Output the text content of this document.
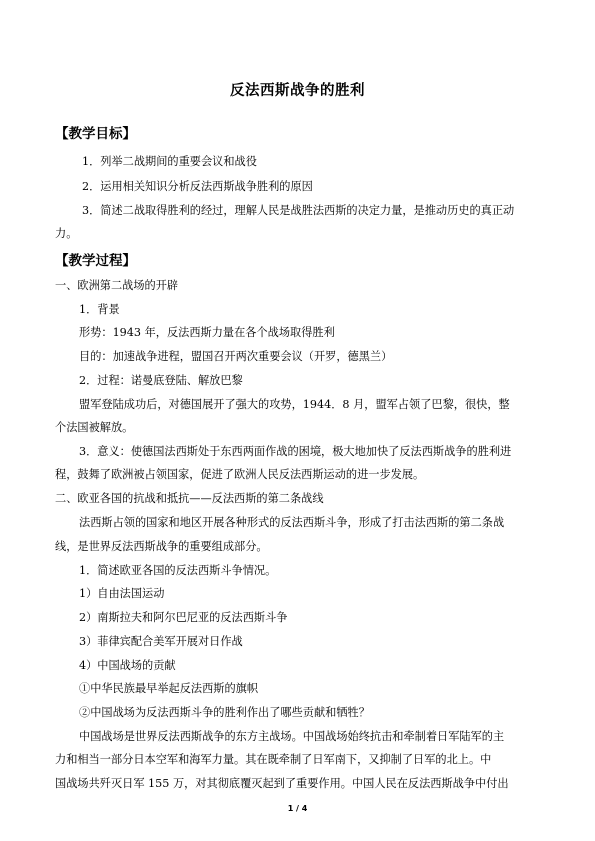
反法西斯战争的胜利
【教学目标】
1．列举二战期间的重要会议和战役
2．运用相关知识分析反法西斯战争胜利的原因
3．简述二战取得胜利的经过，理解人民是战胜法西斯的决定力量，是推动历史的真正动
力。
【教学过程】
一、欧洲第二战场的开辟
1．背景
形势：1943 年，反法西斯力量在各个战场取得胜利
目的：加速战争进程，盟国召开两次重要会议（开罗，德黑兰）
2．过程：诺曼底登陆、解放巴黎
盟军登陆成功后，对德国展开了强大的攻势，1944．8 月，盟军占领了巴黎，很快，整
个法国被解放。
3．意义：使德国法西斯处于东西两面作战的困境，极大地加快了反法西斯战争的胜利进
程，鼓舞了欧洲被占领国家，促进了欧洲人民反法西斯运动的进一步发展。
二、欧亚各国的抗战和抵抗——反法西斯的第二条战线
法西斯占领的国家和地区开展各种形式的反法西斯斗争，形成了打击法西斯的第二条战
线，是世界反法西斯战争的重要组成部分。
1．简述欧亚各国的反法西斯斗争情况。
1）自由法国运动
2）南斯拉夫和阿尔巴尼亚的反法西斯斗争
3）菲律宾配合美军开展对日作战
4）中国战场的贡献
①中华民族最早举起反法西斯的旗帜
②中国战场为反法西斯斗争的胜利作出了哪些贡献和牺牲？
中国战场是世界反法西斯战争的东方主战场。中国战场始终抗击和牵制着日军陆军的主
力和相当一部分日本空军和海军力量。其在既牵制了日军南下，又抑制了日军的北上。中
国战场共歼灭日军 155 万，对其彻底覆灭起到了重要作用。中国人民在反法西斯战争中付出
1 / 4
